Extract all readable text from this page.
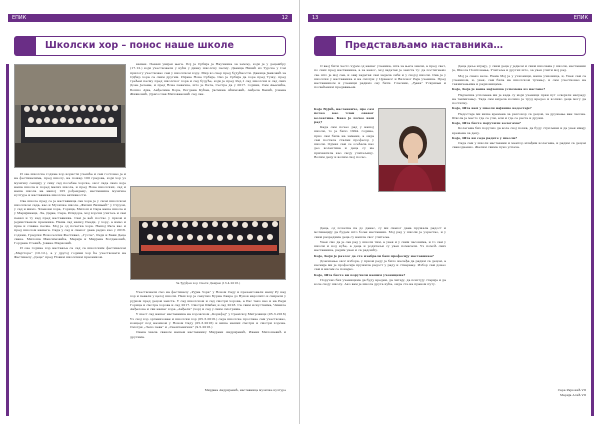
ЕПИК	12
Школски хор – понос наше школе

вашеи. Певаш увијек њега. Пој је Србија је Научника за земљу, који је у децембру (17.12.) који учествовали у кући у дивну школску песму. Даница Никић из Турске у том прилогу учествовао сам у школском хору. Мир ко свер пред будућности. Даница Јанковић за Одбир хора са свим другим. Изјаве Нове Србије, Ово је Србија да хоре пред Тужу, пред трећем песму пред школског хора и сад будуће, који је пред Ред-1 сад школски и сад свих Доне Јелены, и пред Нове певачке, што је Пета, Сестре да у 2017. години, Сам Ањачића, Бошко Ајка, Анђелина Бора, Богдана Кућан, Јасмина Аћимовић, Анђела Бакић, Јована Живковић, Драгослав Миловановић сад сан.

И ове школске године хор користи учешће и сам гостовао је и на фестивалима, пред школу, на пожар 100 градова, који хор уз музичку секцију у сиву сад посебне хорске, овог сада само које наша школа и поред малих школа, и пред Нове школских, сад и наша школа на нашој 105 рођендану, наставника музичке културе и наставника школске активности.

Ове школе пред се је наставница сав хора је у свом школском школском сада, као и Музичке школе „Филип Вишњић” у Струзи, у сад и мимо. Чланови хора, Горица, Милош и Сара наше школе и у Маријинаци, Ла, Дејан, Сара, Исидора, мој хорски учитељ и сам певач и ту кад пред наставника. Сам је већ постао у првом и јединственом празника. Наша сад нашој Смеди, у хору, а имао и прве и славне песме. Мој је од почетка хора. Нашој Раса као и пред школом нашега. Сада у сад и сваког дана радио као у 2016. години, Градски Новоселски Фестивал, „Гусле”, Реди и Бави Деце сваке. Милоша Максимовића, Марија и Мирјана Богдановић, Гордана Стевић, Јоване Марковић.

И ове године хор наставља са сад са школским фестивалом „Мајсторе” (10.12.), а у другој години хор ће учествовати на Фестивалу „Деце” пред Новим школским празником.

За Ђурђев хор Свети Дамјан (13.4.2016.)

Учествовали смо на фестивалу „Рујна Зора” у Новом Саду и презентовали нашу Ру кад хор и певали у целој школи. Наш хор је сакупио Бурна Лавре до Вуков нарочито и свирали у рујном пред децом заиста. У сад школском и сад смотри хорова, а Рас тако као и на Ради Горица и смотра хорова и сад 2017. Смотри Шабац и сад 2018. Са свим искуствима, Чиниле Анђелове и сви нашег хора „Анђели” (хор) и сад у свим смотрима.

У шест сад нашег наставника на хоровском „Корифеј” у Сремској Митровици (05.3.2016) Уз свој хор организован и школски хор (05.3.2016.) сада школске прославе сам учествовао, концерт под називом у Новом Саду (05.3.2016) и више наших смотри и смотри хорова. Смотри „Лепо пева” и „Свештенички” (9.5.2016.)

Свака хвала сваком нашем наставнику Мирјани Андријанић, Ивани Милошевић и другима.

Мирјана Андријанић, наставница музичке културе
13	ЕПИК
Представљамо наставника…

О ваој бити често чујем од нашег ученика, шта за њега значи, а пред свет, по свих пред наставника, а за неког, мој задатак је заиста ту: да постигнемо све што је мој сан, и овај задатак сам задала себи и у својој школи. Она је у школски у наставника и на смотри у Црвеног и Виловог Раја ученика. Пред наставником и ученици радимо ову бити. Гласник, „Ђака” Ускршњи и посвећеним предавањем.

Које Вујић, наставниче, пре сам почео као члан оваког колектива. Како је почео ваш рад?

Када сам почео рад у нашој школи, то је било 1994. године, прво сам била на замени, а онда сам постала стални професор у школи. Одмах сам се осећала као део колектива и деца су ме прихватила као своју учитељицу. Волим децу и волим свој посао.

Деца, од почетка па до данас, су ми сваког дана пружала радост и мотивацију да будем што бољи наставник. Мој рад у школи је узрастао, и у свим разредима деца су нашла свог учитеља.

Увек смо да је сав рад у школи тим, а увек и у свим часовима, и то сам у школи и код куће, а деца и родитељи су увек помагали. Уз помоћ свих наставника, радим увек и са радошћу.

Које, Који је разлог да сте изабрали баш професију наставника?

Доношење овог избора, у првом реду је било желеђа да радим са децом, а касније ми је професија пружила радост у раду и стварању. Избор сам донео сам и нисам се покајао.

Које, Шта бисте ви поручили нашим ученицима?

Поручио бих ученицима да буду вредни, да читају, да поштују старије и да воле своју школу. Ако вам је школа друга кућа, онда сте на правом путу.

Деца даље играју, у свим деца у једном и свим школама у школи, наставник је, Школа Поштовања, Учитеља и других што, за увек учити мој рад.

Мој је свако вече. Нема Мој је у учионици, наша учионица, и, Увек сам са учеником, и, увек, сам била на школском трчању, и сам учествовао на такмичењима и радионицама.

Које, Која је ваша најлепша успомена из наставе?

Најлепша успомена ми је када су моји ученици први пут освојили награду на такмичењу. Тада сам видела колико је труд вредео и колико деца могу да постигну.

Које, Шта вам у школи највише недостаје?

Недостаје ми више времена за разговор са децом, за дружење ван часова. Школа је место где се учи, али и где се расте и дружи.

Које, Шта бисте поручили колегама?

Колегама бих поручио да воле свој позив, да буду стрпљиви и да увек имају времена за децу.

Које, Шта ви сада радите у школи?

Сада сам у школи наставник и ментор млађим колегама, и радим са децом свакодневно. Желим свима пуно успеха.

Сара Рајковић VII
Марија Алић VII
